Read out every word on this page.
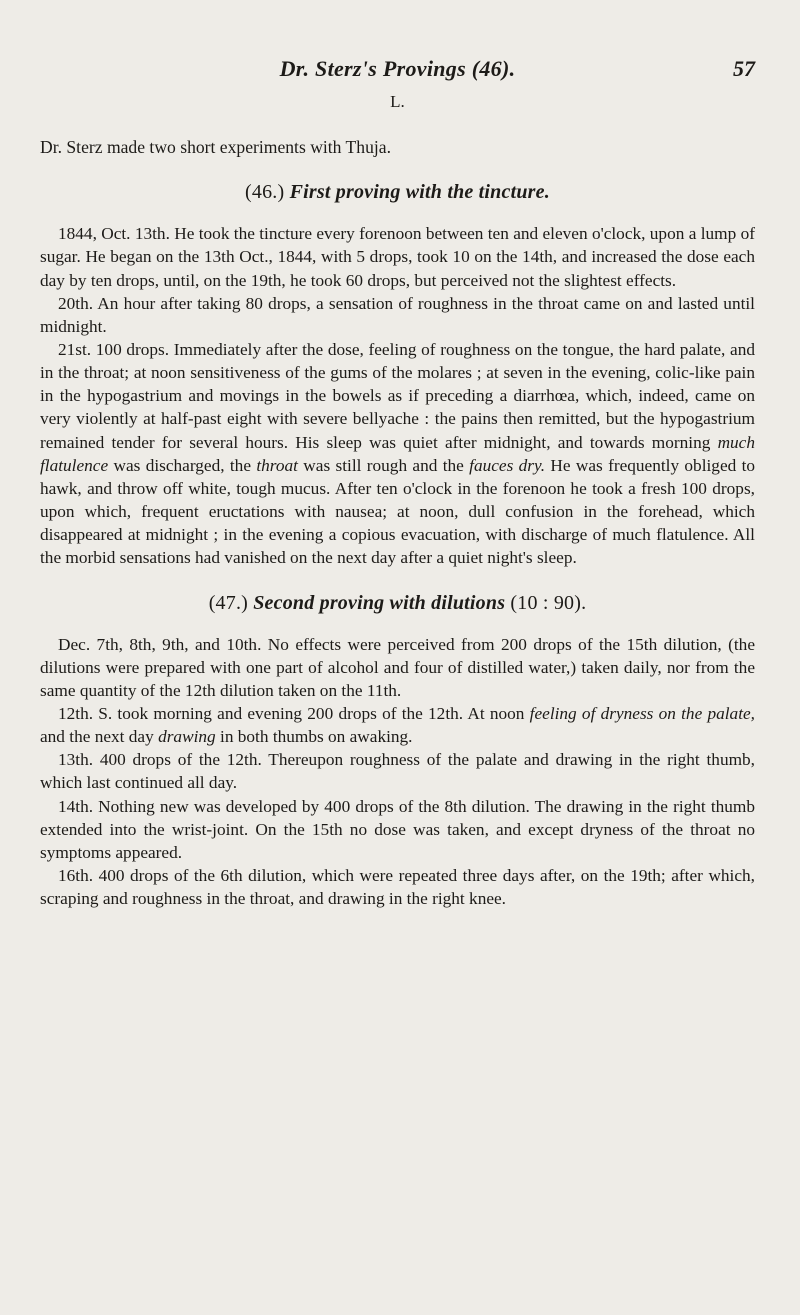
Dr. Sterz's Provings (46).	57
L.

Dr. Sterz made two short experiments with Thuja.

(46.) First proving with the tincture.

1844, Oct. 13th. He took the tincture every forenoon between ten and eleven o'clock, upon a lump of sugar. He began on the 13th Oct., 1844, with 5 drops, took 10 on the 14th, and increased the dose each day by ten drops, until, on the 19th, he took 60 drops, but perceived not the slightest effects.

20th. An hour after taking 80 drops, a sensation of roughness in the throat came on and lasted until midnight.

21st. 100 drops. Immediately after the dose, feeling of roughness on the tongue, the hard palate, and in the throat; at noon sensitiveness of the gums of the molares ; at seven in the evening, colic-like pain in the hypogastrium and movings in the bowels as if preceding a diarrhœa, which, indeed, came on very violently at half-past eight with severe bellyache : the pains then remitted, but the hypogastrium remained tender for several hours. His sleep was quiet after midnight, and towards morning much flatulence was discharged, the throat was still rough and the fauces dry. He was frequently obliged to hawk, and throw off white, tough mucus. After ten o'clock in the forenoon he took a fresh 100 drops, upon which, frequent eructations with nausea; at noon, dull confusion in the forehead, which disappeared at midnight ; in the evening a copious evacuation, with discharge of much flatulence. All the morbid sensations had vanished on the next day after a quiet night's sleep.

(47.) Second proving with dilutions (10 : 90).

Dec. 7th, 8th, 9th, and 10th. No effects were perceived from 200 drops of the 15th dilution, (the dilutions were prepared with one part of alcohol and four of distilled water,) taken daily, nor from the same quantity of the 12th dilution taken on the 11th.

12th. S. took morning and evening 200 drops of the 12th. At noon feeling of dryness on the palate, and the next day drawing in both thumbs on awaking.

13th. 400 drops of the 12th. Thereupon roughness of the palate and drawing in the right thumb, which last continued all day.

14th. Nothing new was developed by 400 drops of the 8th dilution. The drawing in the right thumb extended into the wrist-joint. On the 15th no dose was taken, and except dryness of the throat no symptoms appeared.

16th. 400 drops of the 6th dilution, which were repeated three days after, on the 19th; after which, scraping and roughness in the throat, and drawing in the right knee.
